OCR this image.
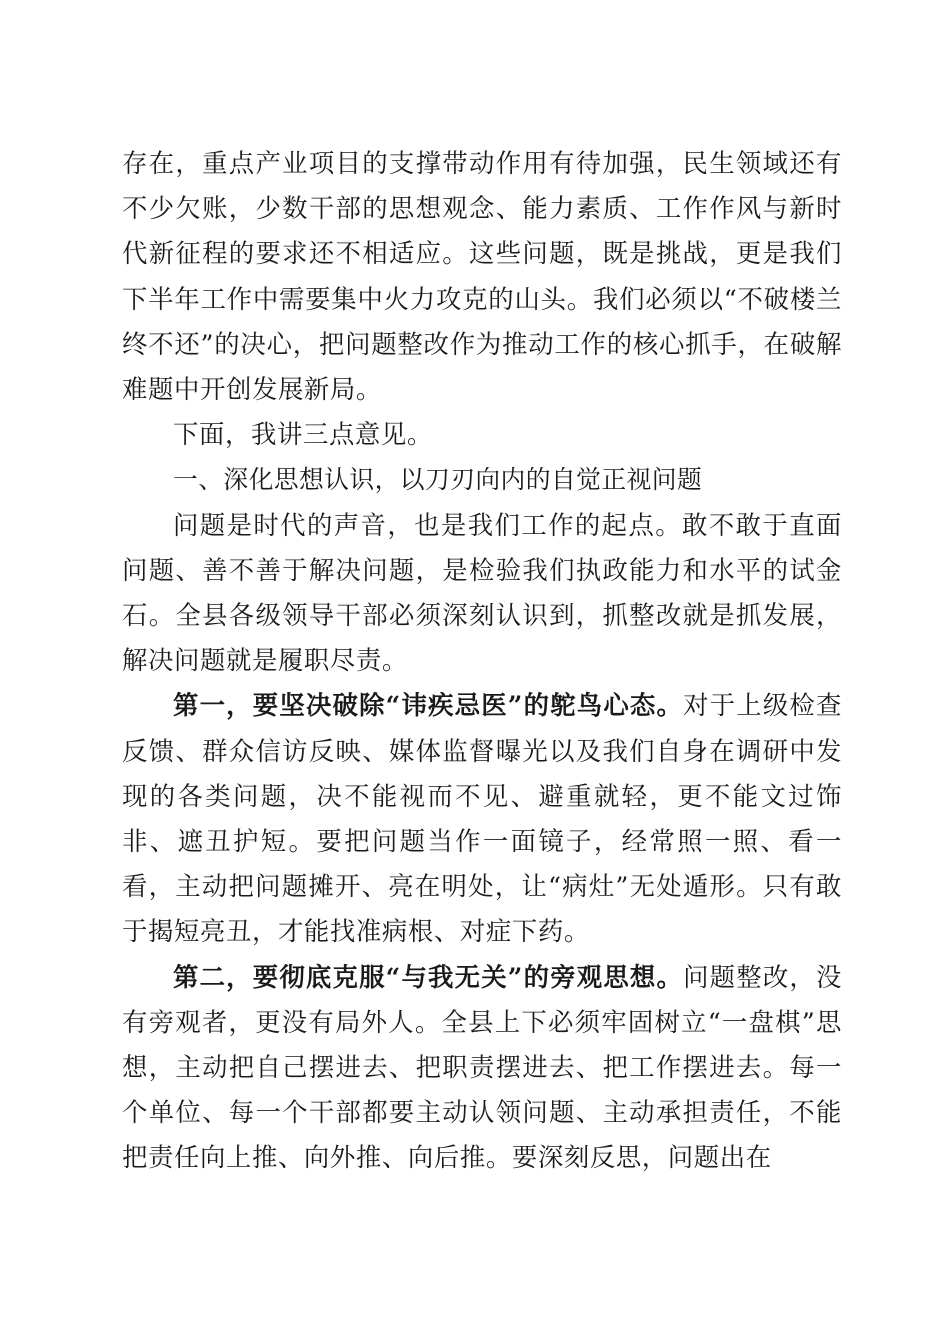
存在，重点产业项目的支撑带动作用有待加强，民生领域还有不少欠账，少数干部的思想观念、能力素质、工作作风与新时代新征程的要求还不相适应。这些问题，既是挑战，更是我们下半年工作中需要集中火力攻克的山头。我们必须以“不破楼兰终不还”的决心，把问题整改作为推动工作的核心抓手，在破解难题中开创发展新局。

下面，我讲三点意见。

一、深化思想认识，以刀刃向内的自觉正视问题

问题是时代的声音，也是我们工作的起点。敢不敢于直面问题、善不善于解决问题，是检验我们执政能力和水平的试金石。全县各级领导干部必须深刻认识到，抓整改就是抓发展，解决问题就是履职尽责。

第一，要坚决破除“讳疾忌医”的鸵鸟心态。对于上级检查反馈、群众信访反映、媒体监督曝光以及我们自身在调研中发现的各类问题，决不能视而不见、避重就轻，更不能文过饰非、遮丑护短。要把问题当作一面镜子，经常照一照、看一看，主动把问题摊开、亮在明处，让“病灶”无处遁形。只有敢于揭短亮丑，才能找准病根、对症下药。

第二，要彻底克服“与我无关”的旁观思想。问题整改，没有旁观者，更没有局外人。全县上下必须牢固树立“一盘棋”思想，主动把自己摆进去、把职责摆进去、把工作摆进去。每一个单位、每一个干部都要主动认领问题、主动承担责任，不能把责任向上推、向外推、向后推。要深刻反思，问题出在
